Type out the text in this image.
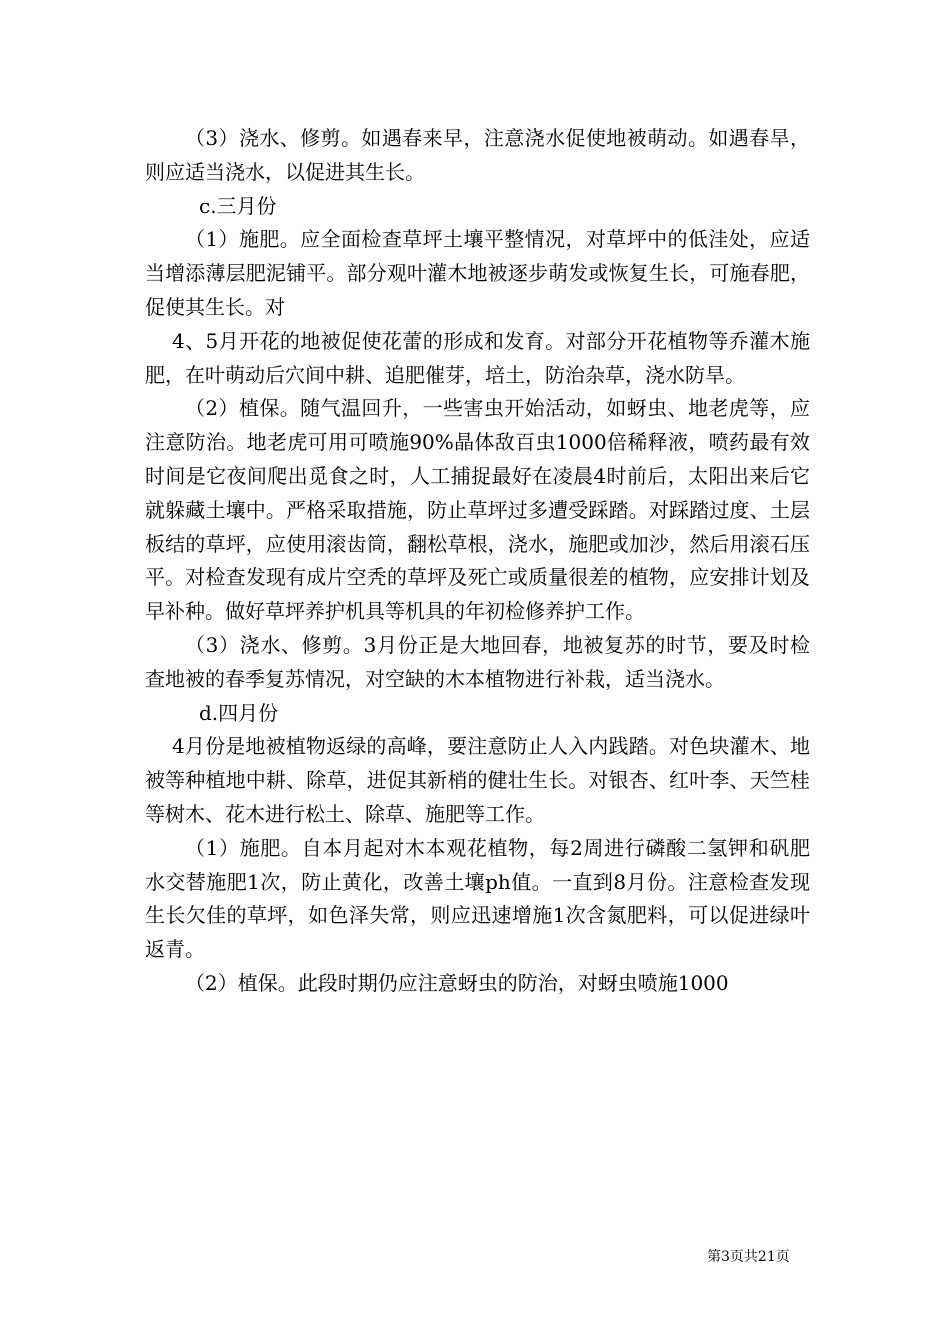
（3）浇水、修剪。如遇春来早，注意浇水促使地被萌动。如遇春旱，则应适当浇水，以促进其生长。

c.三月份

（1）施肥。应全面检查草坪土壤平整情况，对草坪中的低洼处，应适当增添薄层肥泥铺平。部分观叶灌木地被逐步萌发或恢复生长，可施春肥，促使其生长。对

4、5月开花的地被促使花蕾的形成和发育。对部分开花植物等乔灌木施肥，在叶萌动后穴间中耕、追肥催芽，培土，防治杂草，浇水防旱。

（2）植保。随气温回升，一些害虫开始活动，如蚜虫、地老虎等，应注意防治。地老虎可用可喷施90%晶体敌百虫1000倍稀释液，喷药最有效时间是它夜间爬出觅食之时，人工捕捉最好在凌晨4时前后，太阳出来后它就躲藏土壤中。严格采取措施，防止草坪过多遭受踩踏。对踩踏过度、土层板结的草坪，应使用滚齿筒，翻松草根，浇水，施肥或加沙，然后用滚石压平。对检查发现有成片空秃的草坪及死亡或质量很差的植物，应安排计划及早补种。做好草坪养护机具等机具的年初检修养护工作。

（3）浇水、修剪。3月份正是大地回春，地被复苏的时节，要及时检查地被的春季复苏情况，对空缺的木本植物进行补栽，适当浇水。

d.四月份

4月份是地被植物返绿的高峰，要注意防止人入内践踏。对色块灌木、地被等种植地中耕、除草，进促其新梢的健壮生长。对银杏、红叶李、天竺桂等树木、花木进行松土、除草、施肥等工作。

（1）施肥。自本月起对木本观花植物，每2周进行磷酸二氢钾和矾肥水交替施肥1次，防止黄化，改善土壤ph值。一直到8月份。注意检查发现生长欠佳的草坪，如色泽失常，则应迅速增施1次含氮肥料，可以促进绿叶返青。

（2）植保。此段时期仍应注意蚜虫的防治，对蚜虫喷施1000

第3页共21页
